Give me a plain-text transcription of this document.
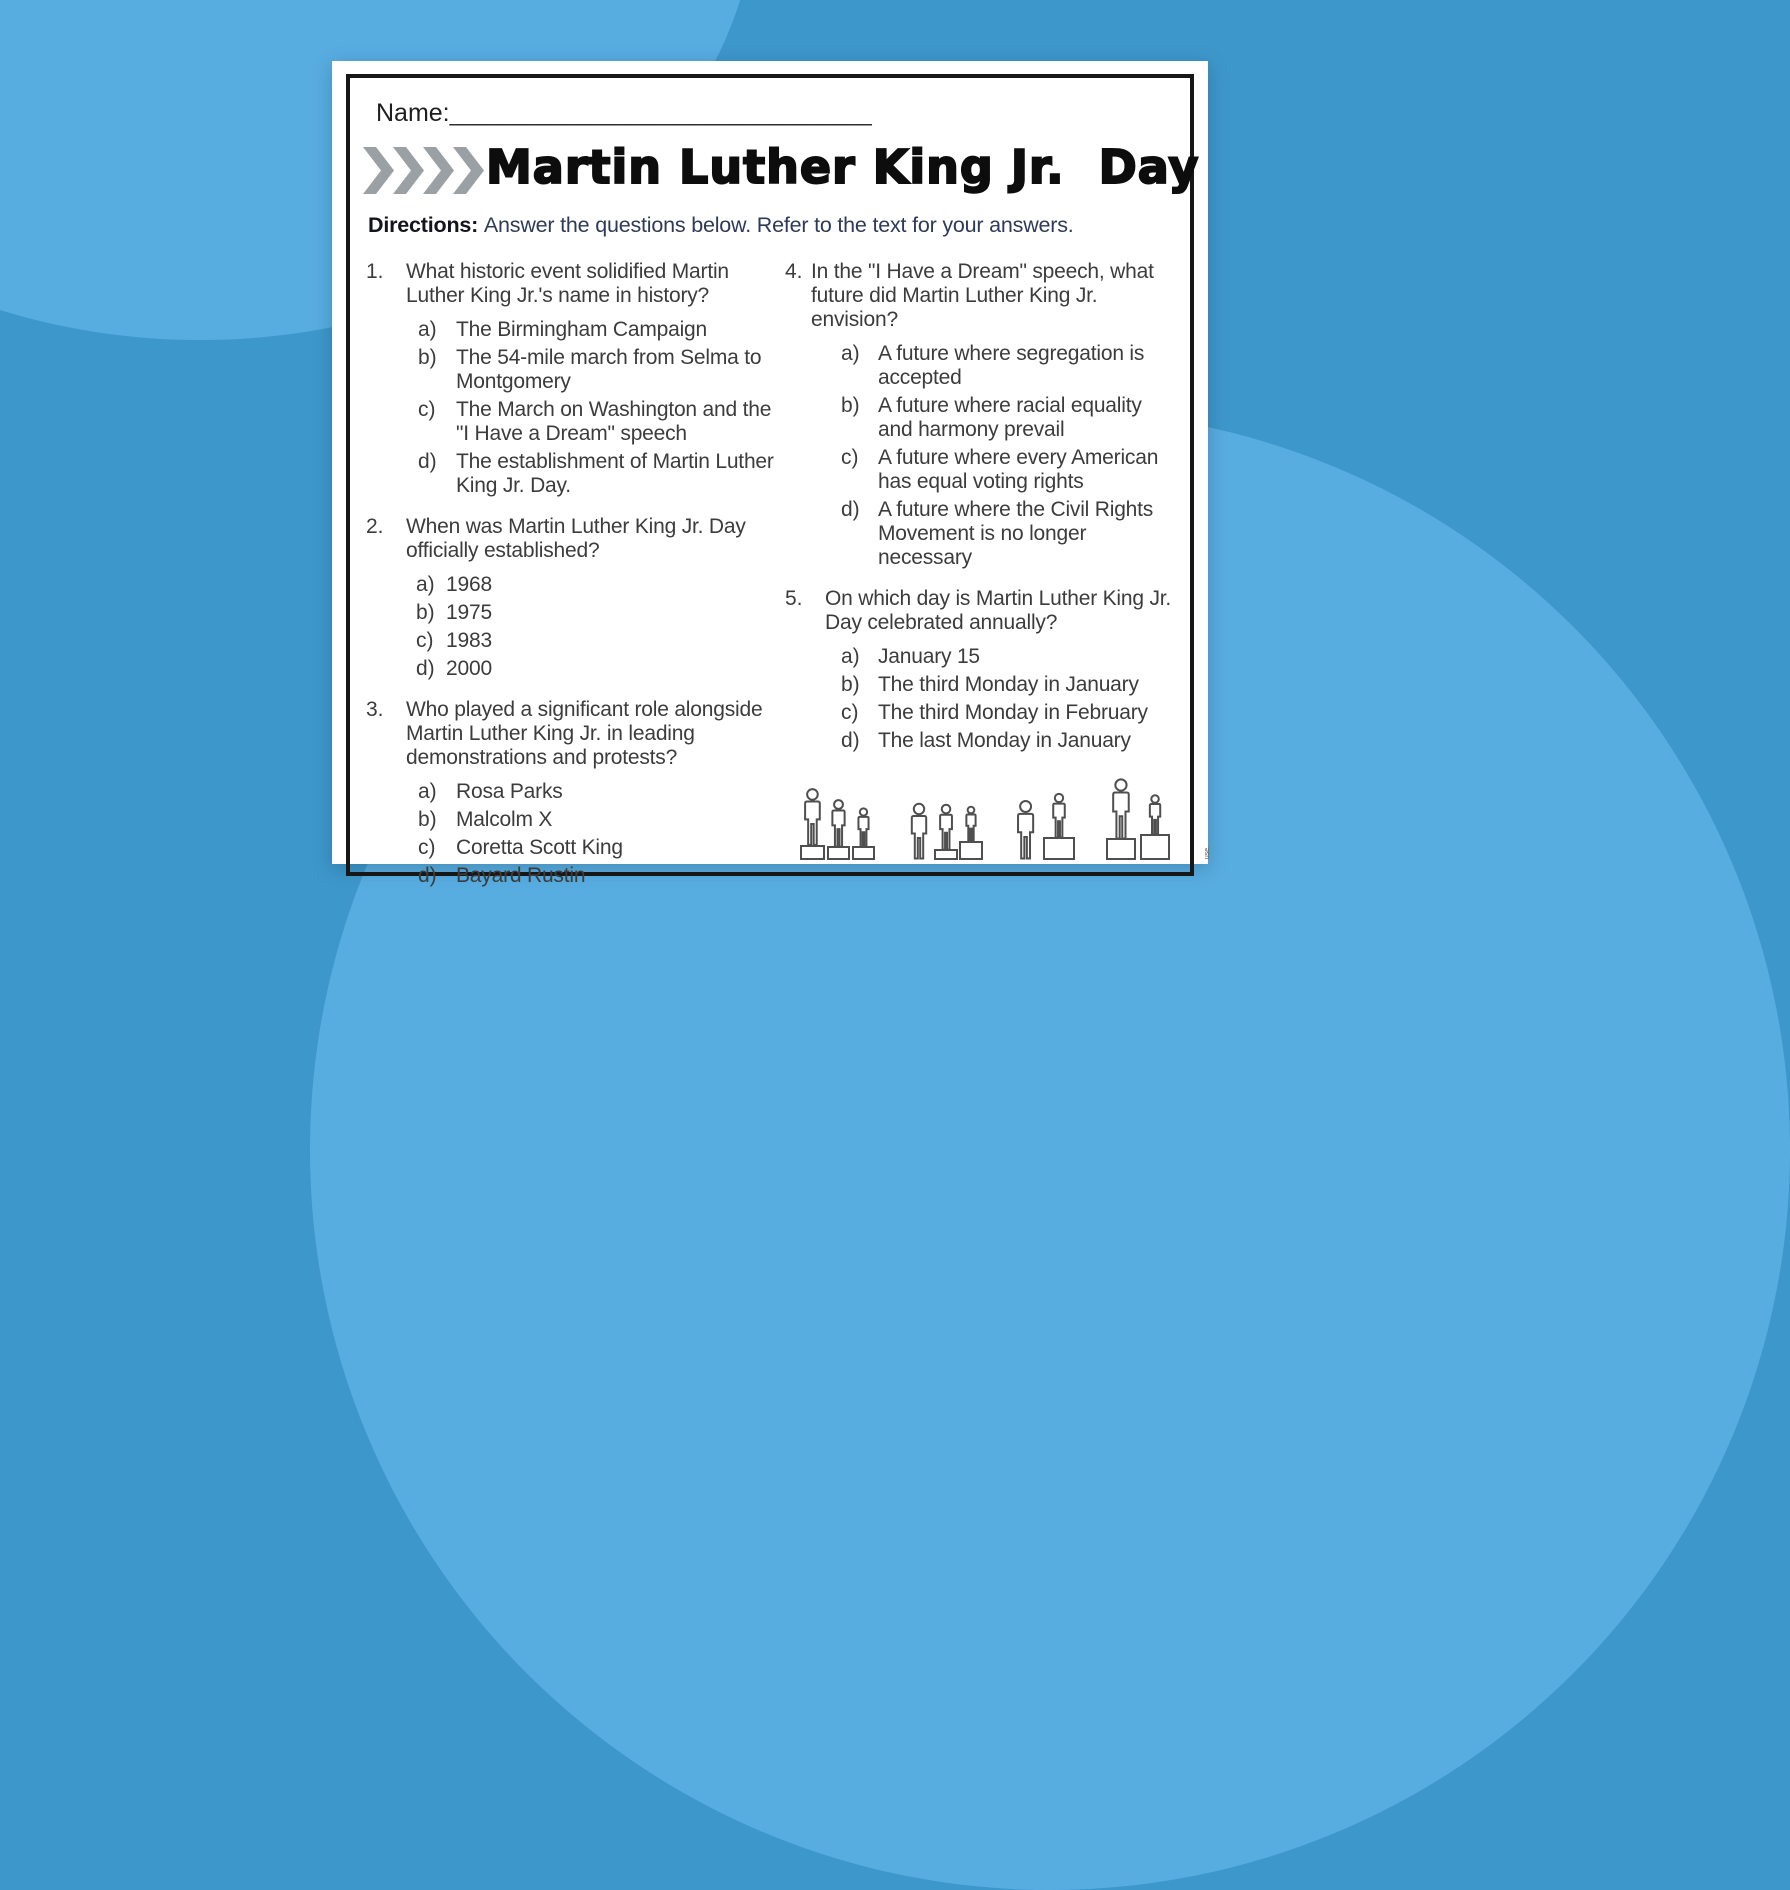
Name:_________________________________
Martin Luther King Jr.  Day

Directions: Answer the questions below. Refer to the text for your answers.

1.	What historic event solidified Martin Luther King Jr.'s name in history?
a) The Birmingham Campaign
b) The 54-mile march from Selma to Montgomery
c) The March on Washington and the "I Have a Dream" speech
d) The establishment of Martin Luther King Jr. Day.
2.	When was Martin Luther King Jr. Day officially established?
a) 1968
b) 1975
c) 1983
d) 2000
3.	Who played a significant role alongside Martin Luther King Jr. in leading demonstrations and protests?
a) Rosa Parks
b) Malcolm X
c) Coretta Scott King
d) Bayard Rustin
4. In the "I Have a Dream" speech, what future did Martin Luther King Jr. envision?
a) A future where segregation is accepted
b) A future where racial equality and harmony prevail
c) A future where every American has equal voting rights
d) A future where the Civil Rights Movement is no longer necessary
5.	On which day is Martin Luther King Jr. Day celebrated annually?
a) January 15
b) The third Monday in January
c) The third Monday in February
d) The last Monday in January
use.
